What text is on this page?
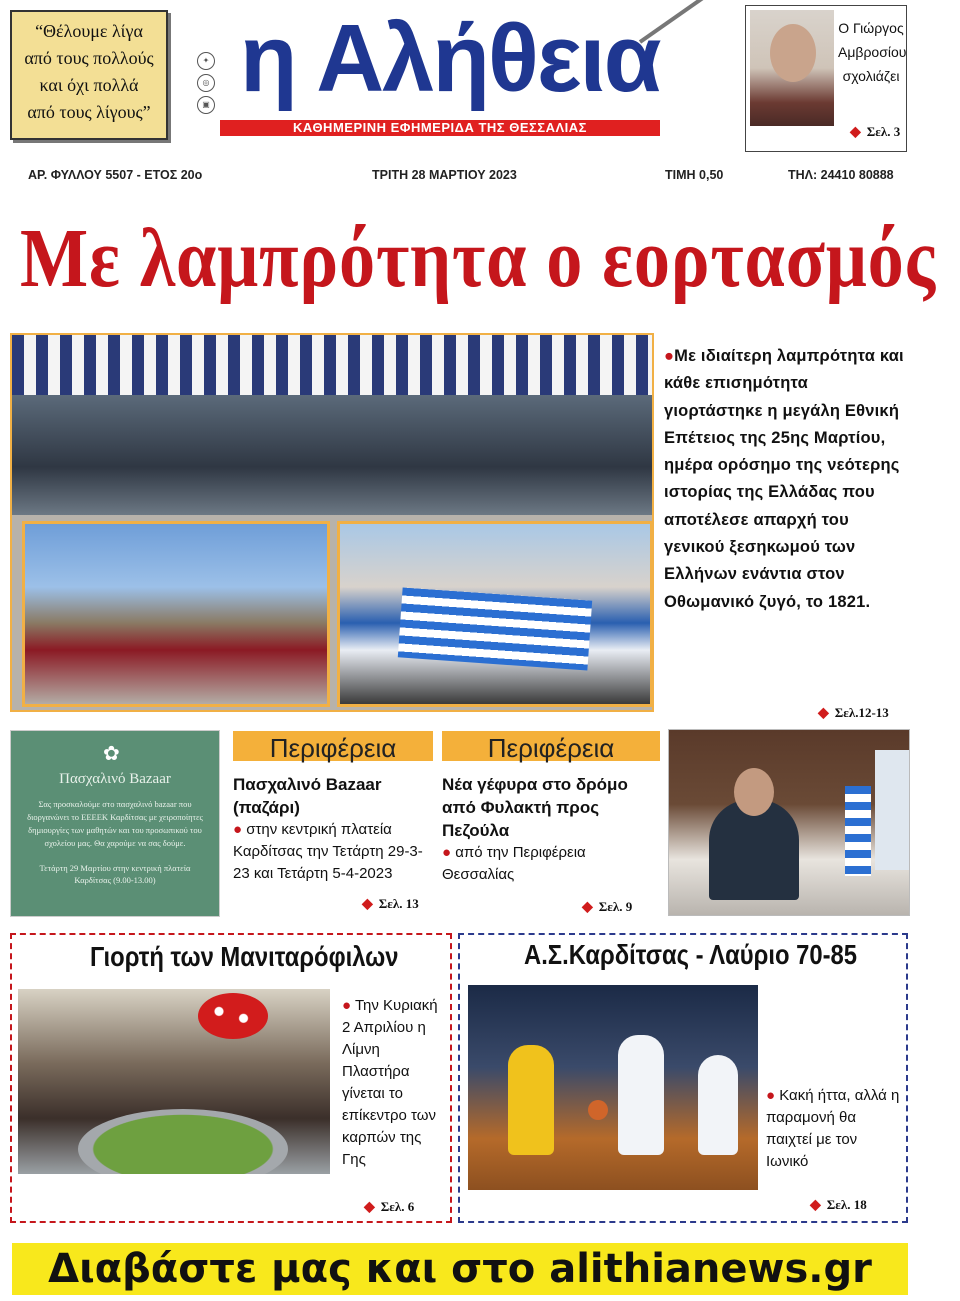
“Θέλουμε λίγα
από τους πολλούς
και όχι πολλά
από τους λίγους”
✦
◎
▣ η Αλήθεια
ΚΑΘΗΜΕΡΙΝΗ ΕΦΗΜΕΡΙΔΑ ΤΗΣ ΘΕΣΣΑΛΙΑΣ
Ο Γιώργος
Αμβροσίου
σχολιάζει
◆ Σελ. 3
ΑΡ. ΦΥΛΛΟΥ 5507 - ΕΤΟΣ 20ο	ΤΡΙΤΗ 28 ΜΑΡΤΙΟΥ 2023	ΤΙΜΗ 0,50	ΤΗΛ: 24410 80888
Με λαμπρότητα ο εορτασμός
●Με ιδιαίτερη λαμπρότητα και κάθε επισημότητα γιορτάστηκε η μεγάλη Εθνική Επέτειος της 25ης Μαρτίου, ημέρα ορόσημο της νεότερης ιστορίας της Ελλάδας που αποτέλεσε απαρχή του γενικού ξεσηκωμού των Ελλήνων ενάντια στον Οθωμανικό ζυγό, το 1821.
◆ Σελ.12-13
✿
Πασχαλινό Bazaar
Σας προσκαλούμε στο πασχαλινό bazaar που διοργανώνει το ΕΕΕΕΚ Καρδίτσας με χειροποίητες δημιουργίες των μαθητών και του προσωπικού του σχολείου μας. Θα χαρούμε να σας δούμε.
Τετάρτη 29 Μαρτίου στην κεντρική πλατεία Καρδίτσας (9.00-13.00)
Περιφέρεια
Πασχαλινό Bazaar (παζάρι)
● στην κεντρική πλατεία Καρδίτσας την Τετάρτη 29-3-23 και Τετάρτη 5-4-2023
◆ Σελ. 13
Περιφέρεια
Νέα γέφυρα στο δρόμο από Φυλακτή προς Πεζούλα
● από την Περιφέρεια Θεσσαλίας
◆ Σελ. 9
Γιορτή των Μανιταρόφιλων
● Την Κυριακή 2 Απριλίου η Λίμνη Πλαστήρα γίνεται το επίκεντρο των καρπών της Γης
◆ Σελ. 6
Α.Σ.Καρδίτσας - Λαύριο 70-85
● Κακή ήττα, αλλά η παραμονή θα παιχτεί με τον Ιωνικό
◆ Σελ. 18
Διαβάστε μας και στο alithianews.gr
